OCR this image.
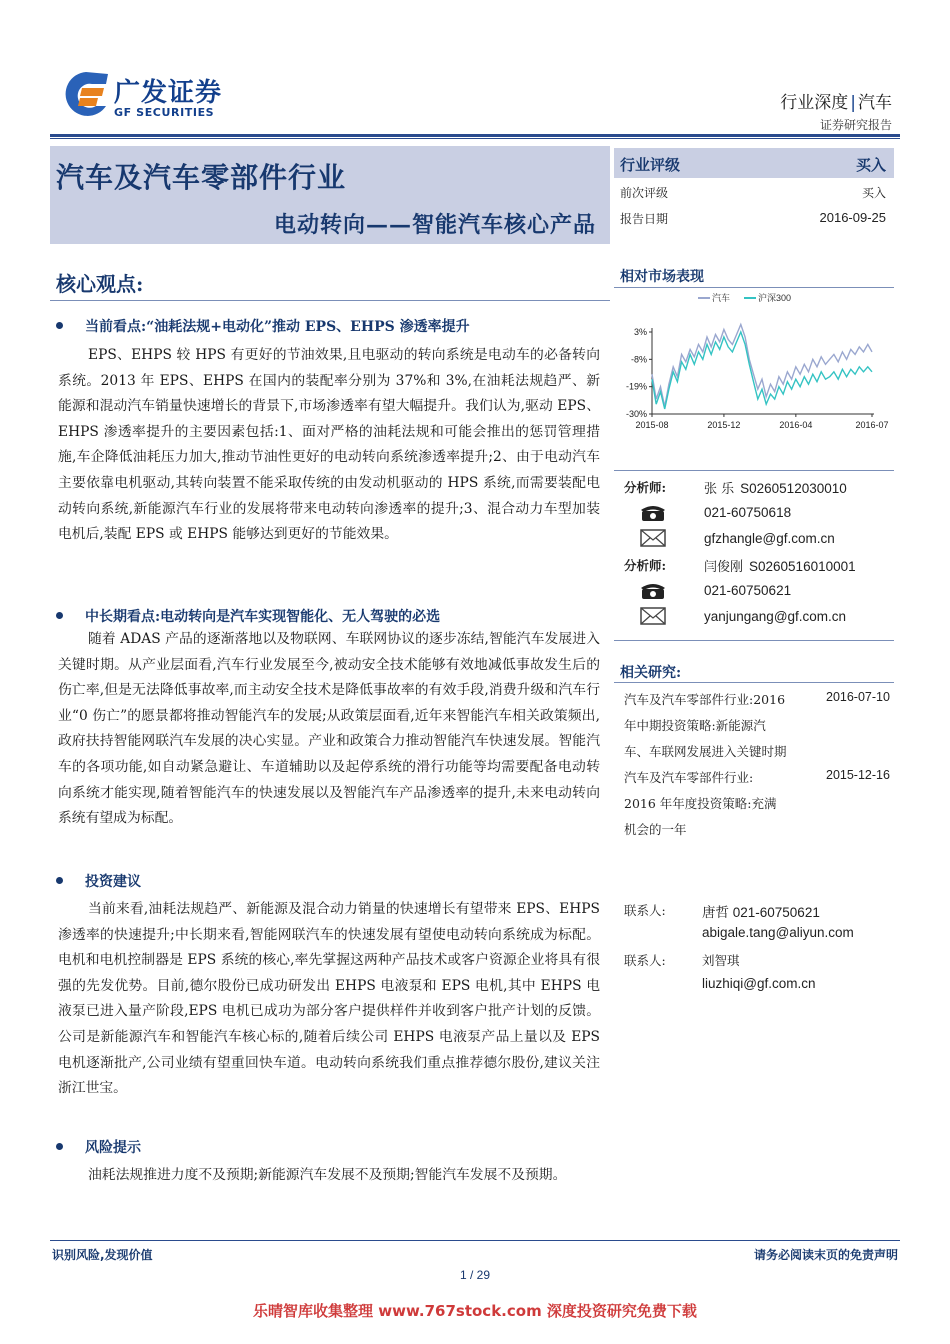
广发证券
GF SECURITIES	行业深度 | 汽车
证券研究报告
汽车及汽车零部件行业
电动转向——智能汽车核心产品
行业评级	买入
前次评级	买入
报告日期	2016-09-25
核心观点:
当前看点:“油耗法规+电动化”推动 EPS、EHPS 渗透率提升

EPS、EHPS 较 HPS 有更好的节油效果,且电驱动的转向系统是电动车的必备转向系统。2013 年 EPS、EHPS 在国内的装配率分别为 37%和 3%,在油耗法规趋严、新能源和混动汽车销量快速增长的背景下,市场渗透率有望大幅提升。我们认为,驱动 EPS、EHPS 渗透率提升的主要因素包括:1、面对严格的油耗法规和可能会推出的惩罚管理措施,车企降低油耗压力加大,推动节油性更好的电动转向系统渗透率提升;2、由于电动汽车主要依靠电机驱动,其转向装置不能采取传统的由发动机驱动的 HPS 系统,而需要装配电动转向系统,新能源汽车行业的发展将带来电动转向渗透率的提升;3、混合动力车型加装电机后,装配 EPS 或 EHPS 能够达到更好的节能效果。

中长期看点:电动转向是汽车实现智能化、无人驾驶的必选

随着 ADAS 产品的逐渐落地以及物联网、车联网协议的逐步冻结,智能汽车发展进入关键时期。从产业层面看,汽车行业发展至今,被动安全技术能够有效地减低事故发生后的伤亡率,但是无法降低事故率,而主动安全技术是降低事故率的有效手段,消费升级和汽车行业“0 伤亡”的愿景都将推动智能汽车的发展;从政策层面看,近年来智能汽车相关政策频出,政府扶持智能网联汽车发展的决心实显。产业和政策合力推动智能汽车快速发展。智能汽车的各项功能,如自动紧急避让、车道辅助以及起停系统的滑行功能等均需要配备电动转向系统才能实现,随着智能汽车的快速发展以及智能汽车产品渗透率的提升,未来电动转向系统有望成为标配。

投资建议

当前来看,油耗法规趋严、新能源及混合动力销量的快速增长有望带来 EPS、EHPS 渗透率的快速提升;中长期来看,智能网联汽车的快速发展有望使电动转向系统成为标配。电机和电机控制器是 EPS 系统的核心,率先掌握这两种产品技术或客户资源企业将具有很强的先发优势。目前,德尔股份已成功研发出 EHPS 电液泵和 EPS 电机,其中 EHPS 电液泵已进入量产阶段,EPS 电机已成功为部分客户提供样件并收到客户批产计划的反馈。公司是新能源汽车和智能汽车核心标的,随着后续公司 EHPS 电液泵产品上量以及 EPS 电机逐渐批产,公司业绩有望重回快车道。电动转向系统我们重点推荐德尔股份,建议关注浙江世宝。

风险提示

油耗法规推进力度不及预期;新能源汽车发展不及预期;智能汽车发展不及预期。

相对市场表现
汽车	沪深300
3%
-8%
-19%
-30%
2015-08	2015-12	2016-04	2016-07
分析师:	张 乐 S0260512030010
021-60750618
gfzhangle@gf.com.cn
分析师:	闫俊刚 S0260516010001
021-60750621
yanjungang@gf.com.cn
相关研究:
汽车及汽车零部件行业:2016	2016-07-10
年中期投资策略:新能源汽
车、车联网发展进入关键时期
汽车及汽车零部件行业:	2015-12-16
2016 年年度投资策略:充满
机会的一年
联系人:	唐哲 021-60750621
abigale.tang@aliyun.com
联系人:	刘智琪
liuzhiqi@gf.com.cn
识别风险,发现价值	请务必阅读末页的免责声明
1 / 29
乐晴智库收集整理 www.767stock.com 深度投资研究免费下载
